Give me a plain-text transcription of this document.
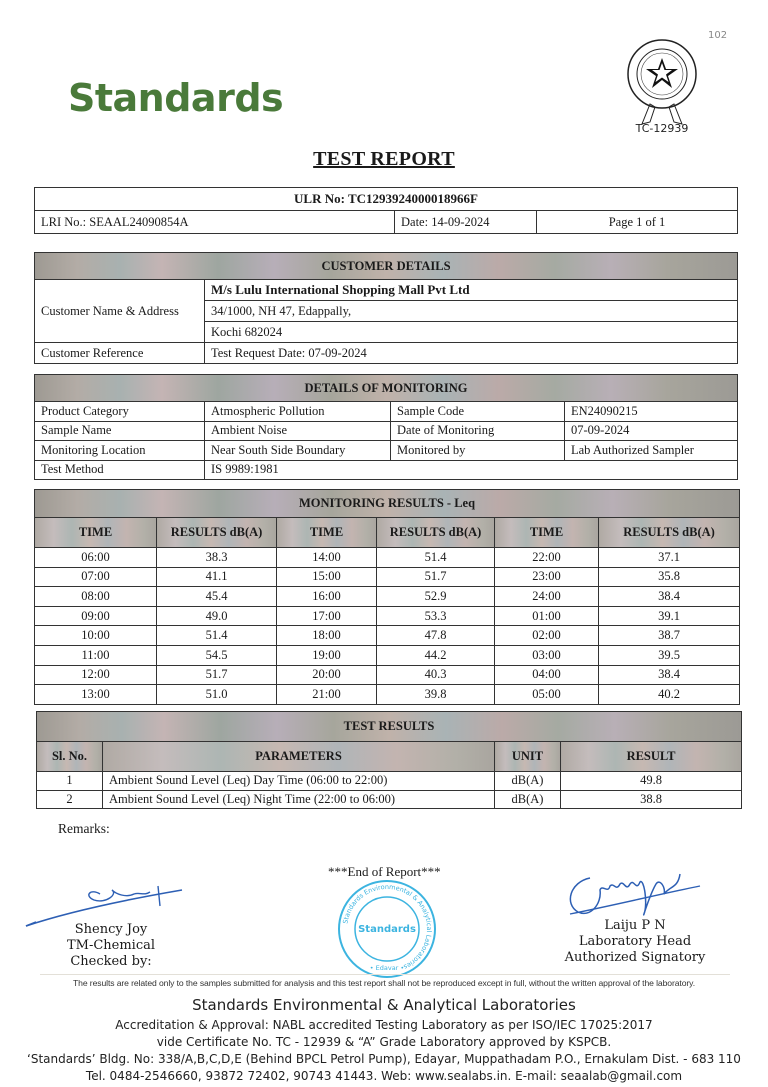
Standards
TC-12939
102
TEST REPORT
ULR No: TC1293924000018966F
LRI No.: SEAAL24090854A	Date: 14-09-2024	Page 1 of 1
CUSTOMER DETAILS	
Customer Name & Address	M/s Lulu International Shopping Mall Pvt Ltd
	34/1000, NH 47, Edappally,
	Kochi 682024
Customer Reference	Test Request Date: 07-09-2024
DETAILS OF MONITORING			
Product Category	Atmospheric Pollution	Sample Code	EN24090215
Sample Name	Ambient Noise	Date of Monitoring	07-09-2024
Monitoring Location	Near South Side Boundary	Monitored by	Lab Authorized Sampler
Test Method	IS 9989:1981		
MONITORING RESULTS - Leq					
TIME	RESULTS dB(A)	TIME	RESULTS dB(A)	TIME	RESULTS dB(A)
06:00	38.3	14:00	51.4	22:00	37.1
07:00	41.1	15:00	51.7	23:00	35.8
08:00	45.4	16:00	52.9	24:00	38.4
09:00	49.0	17:00	53.3	01:00	39.1
10:00	51.4	18:00	47.8	02:00	38.7
11:00	54.5	19:00	44.2	03:00	39.5
12:00	51.7	20:00	40.3	04:00	38.4
13:00	51.0	21:00	39.8	05:00	40.2
TEST RESULTS			
Sl. No.	PARAMETERS	UNIT	RESULT
1	Ambient Sound Level (Leq) Day Time (06:00 to 22:00)	dB(A)	49.8
2	Ambient Sound Level (Leq) Night Time (22:00 to 06:00)	dB(A)	38.8
Remarks:
***End of Report***
Shency Joy
TM-Chemical
Checked by:
Standards Environmental & Analytical Laboratories
Standards
• Edavar •
Laiju P N
Laboratory Head
Authorized Signatory
The results are related only to the samples submitted for analysis and this test report shall not be reproduced except in full, without the written approval of the laboratory.
Standards Environmental & Analytical Laboratories
Accreditation & Approval: NABL accredited Testing Laboratory as per ISO/IEC 17025:2017
vide Certificate No. TC - 12939 & “A” Grade Laboratory approved by KSPCB.
‘Standards’ Bldg. No: 338/A,B,C,D,E (Behind BPCL Petrol Pump), Edayar, Muppathadam P.O., Ernakulam Dist. - 683 110
Tel. 0484-2546660, 93872 72402, 90743 41443. Web: www.sealabs.in. E-mail: seaalab@gmail.com
